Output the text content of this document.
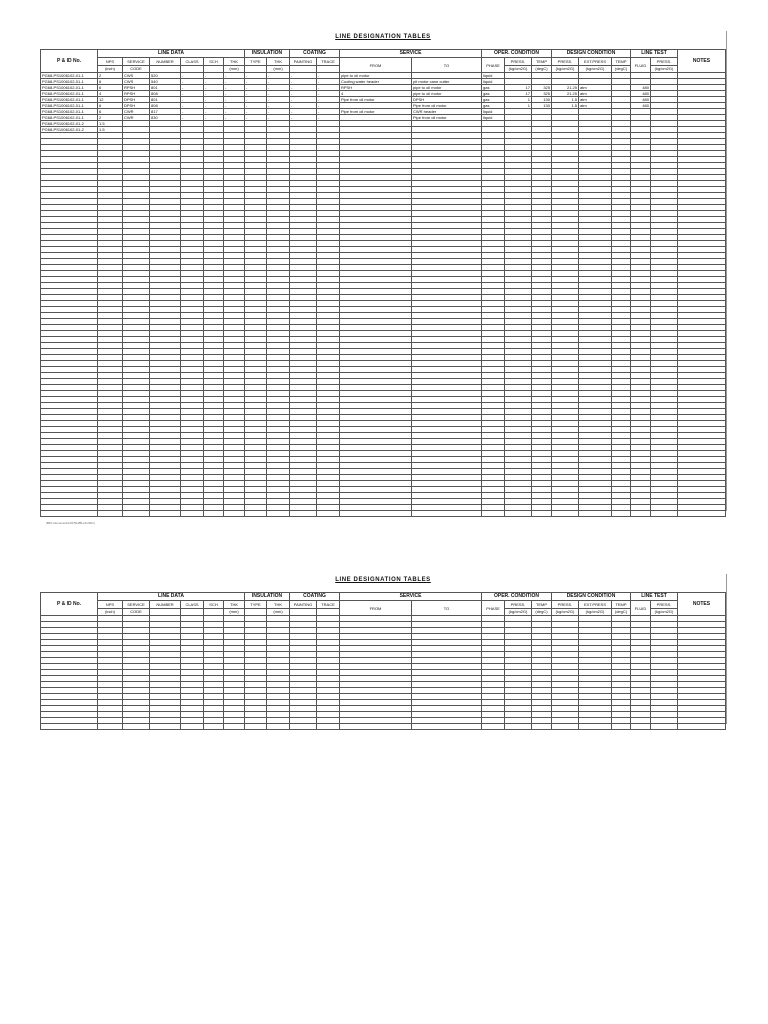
LINE DESIGNATION TABLES
P & ID No.	LINE DATA						INSULATION		COATING		SERVICE		OPER. CONDITION			DESIGN CONDITION			LINE TEST		NOTES
	NPS	SERVICE	NUMBER	CLASS	SCH	THK	TYPE	THK	PAINTING	TRACE	FROM	TO	PHASE	PRESS.	TEMP	PRESS.	EXT.PRESS	TEMP	FLUID	PRESS.	
	(inch)	CODE				(mm)		(mm)						(kg/cm2G)	(degC)	(kg/cm2G)	(kg/cm2G)	(degC)		(kg/cm2G)	
PG68-PS1006102-01-1	2	CWS	520	-	-	-	-	-	-	-	pipe to oil motor		liquid								
PG68-PS1006102-01-1	6	CWS	540	-	-	-	-	-	-	-	Cooling water header	pit motor cane cutter	liquid								
PG68-PS1006102-01-1	6	RPSH	801	-	-	-	-	-	-	-	RPSH	pipe to oil motor	gas	17	325	21.25	atm		480		
PG68-PS1006102-01-1	4	RPSH	808	-	-	-	-	-	-	-	4	pipe to oil motor	gas	17	325	21.25	atm		480		
PG68-PS1006102-01-1	12	DPSH	801	-	-	-	-	-	-	-	Pipe from oil motor	DPSH	gas	1	130	1.5	atm		480		
PG68-PS1006102-01-1	6	DPSH	808	-	-	-	-	-	-	-		Pipe from oil motor	gas	1	130	1.5	atm		480		
PG68-PS1006102-01-1	6	CWR	817	-	-	-	-	-	-	-	Pipe from oil motor	CWR header	liquid								
PG68-PS1006102-01-1	2	CWR	830	-	-	-	-	-	-	-		Pipe from oil motor	liquid								
PG68-PS1006102-01-2	1.5																				
PG68-PS1006102-01-2	1.5																				

(BPL Document/LDT/SH/BH-4n/46n)
LINE DESIGNATION TABLES
P & ID No.	LINE DATA						INSULATION		COATING		SERVICE		OPER. CONDITION			DESIGN CONDITION			LINE TEST		NOTES
	NPS	SERVICE	NUMBER	CLASS	SCH	THK	TYPE	THK	PAINTING	TRACE	FROM	TO	PHASE	PRESS.	TEMP	PRESS.	EXT.PRESS	TEMP	FLUID	PRESS.	
	(inch)	CODE				(mm)		(mm)						(kg/cm2G)	(degC)	(kg/cm2G)	(kg/cm2G)	(degC)		(kg/cm2G)	
